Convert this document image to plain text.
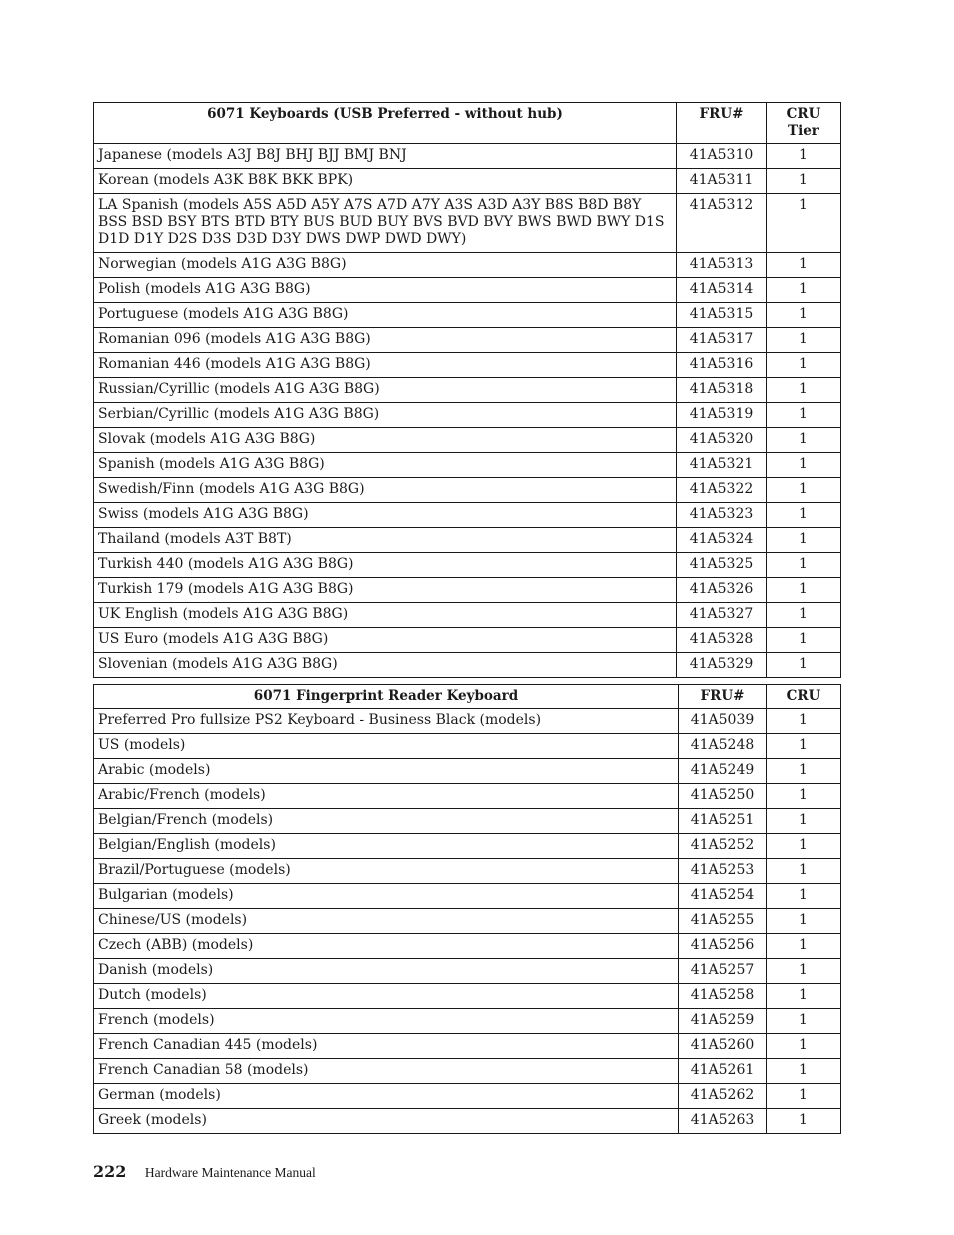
6071 Keyboards (USB Preferred - without hub)	FRU#	CRU Tier
Japanese (models A3J B8J BHJ BJJ BMJ BNJ	41A5310	1
Korean (models A3K B8K BKK BPK)	41A5311	1
LA Spanish (models A5S A5D A5Y A7S A7D A7Y A3S A3D A3Y B8S B8D B8Y BSS BSD BSY BTS BTD BTY BUS BUD BUY BVS BVD BVY BWS BWD BWY D1S D1D D1Y D2S D3S D3D D3Y DWS DWP DWD DWY)	41A5312	1
Norwegian (models A1G A3G B8G)	41A5313	1
Polish (models A1G A3G B8G)	41A5314	1
Portuguese (models A1G A3G B8G)	41A5315	1
Romanian 096 (models A1G A3G B8G)	41A5317	1
Romanian 446 (models A1G A3G B8G)	41A5316	1
Russian/Cyrillic (models A1G A3G B8G)	41A5318	1
Serbian/Cyrillic (models A1G A3G B8G)	41A5319	1
Slovak (models A1G A3G B8G)	41A5320	1
Spanish (models A1G A3G B8G)	41A5321	1
Swedish/Finn (models A1G A3G B8G)	41A5322	1
Swiss (models A1G A3G B8G)	41A5323	1
Thailand (models A3T B8T)	41A5324	1
Turkish 440 (models A1G A3G B8G)	41A5325	1
Turkish 179 (models A1G A3G B8G)	41A5326	1
UK English (models A1G A3G B8G)	41A5327	1
US Euro (models A1G A3G B8G)	41A5328	1
Slovenian (models A1G A3G B8G)	41A5329	1
6071 Fingerprint Reader Keyboard	FRU#	CRU
Preferred Pro fullsize PS2 Keyboard - Business Black (models)	41A5039	1
US (models)	41A5248	1
Arabic (models)	41A5249	1
Arabic/French (models)	41A5250	1
Belgian/French (models)	41A5251	1
Belgian/English (models)	41A5252	1
Brazil/Portuguese (models)	41A5253	1
Bulgarian (models)	41A5254	1
Chinese/US (models)	41A5255	1
Czech (ABB) (models)	41A5256	1
Danish (models)	41A5257	1
Dutch (models)	41A5258	1
French (models)	41A5259	1
French Canadian 445 (models)	41A5260	1
French Canadian 58 (models)	41A5261	1
German (models)	41A5262	1
Greek (models)	41A5263	1
222 Hardware Maintenance Manual
